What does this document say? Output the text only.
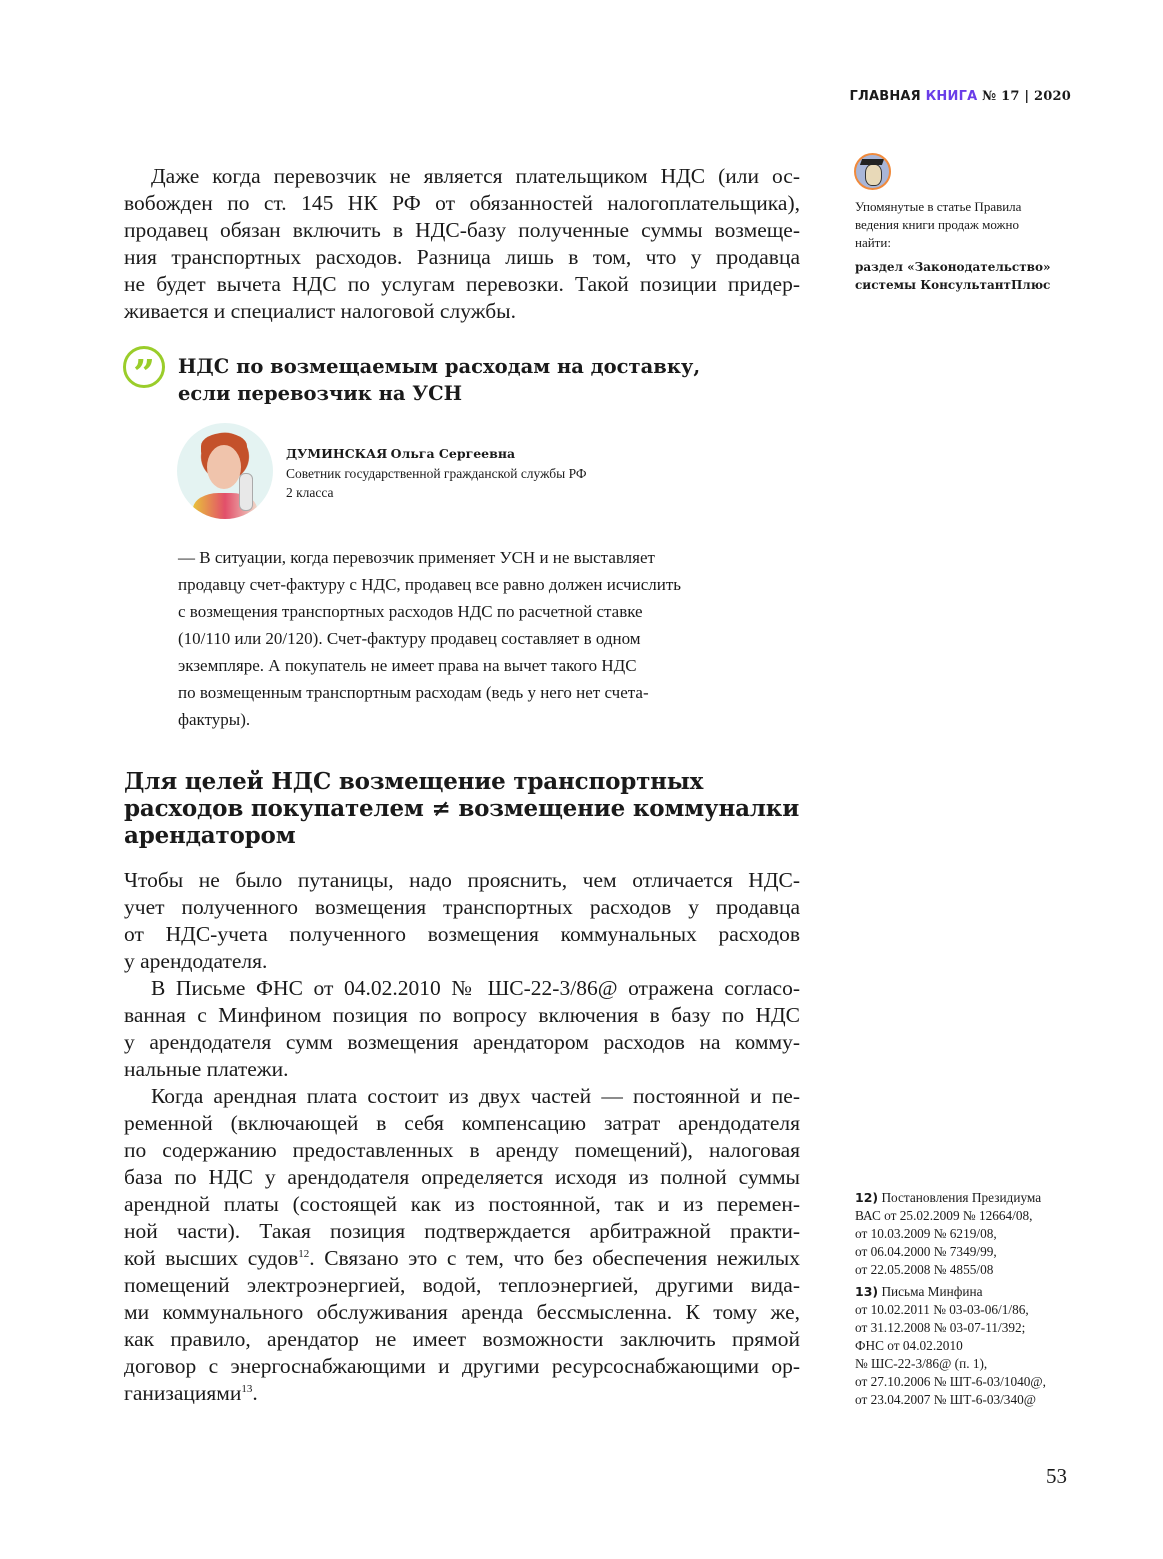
ГЛАВНАЯ КНИГА № 17 | 2020
Даже когда перевозчик не является плательщиком НДС (или ос-
вобожден по ст. 145 НК РФ от обязанностей налогоплательщика),
продавец обязан включить в НДС-базу полученные суммы возмеще-
ния транспортных расходов. Разница лишь в том, что у продавца
не будет вычета НДС по услугам перевозки. Такой позиции придер-
живается и специалист налоговой службы.
” НДС по возмещаемым расходам на доставку,
если перевозчик на УСН
ДУМИНСКАЯ Ольга Сергеевна
Советник государственной гражданской службы РФ
2 класса
— В ситуации, когда перевозчик применяет УСН и не выставляет
продавцу счет-фактуру с НДС, продавец все равно должен исчислить
с возмещения транспортных расходов НДС по расчетной ставке
(10/110 или 20/120). Счет-фактуру продавец составляет в одном
экземпляре. А покупатель не имеет права на вычет такого НДС
по возмещенным транспортным расходам (ведь у него нет счета-
фактуры).
Для целей НДС возмещение транспортных
расходов покупателем ≠ возмещение коммуналки
арендатором
Чтобы не было путаницы, надо прояснить, чем отличается НДС-
учет полученного возмещения транспортных расходов у продавца
от НДС-учета полученного возмещения коммунальных расходов
у арендодателя.
В Письме ФНС от 04.02.2010 № ШС-22-3/86@ отражена согласо-
ванная с Минфином позиция по вопросу включения в базу по НДС
у арендодателя сумм возмещения арендатором расходов на комму-
нальные платежи.
Когда арендная плата состоит из двух частей — постоянной и пе-
ременной (включающей в себя компенсацию затрат арендодателя
по содержанию предоставленных в аренду помещений), налоговая
база по НДС у арендодателя определяется исходя из полной суммы
арендной платы (состоящей как из постоянной, так и из перемен-
ной части). Такая позиция подтверждается арбитражной практи-
кой высших судов$^{12}$. Связано это с тем, что без обеспечения нежилых
помещений электроэнергией, водой, теплоэнергией, другими вида-
ми коммунального обслуживания аренда бессмысленна. К тому же,
как правило, арендатор не имеет возможности заключить прямой
договор с энергоснабжающими и другими ресурсоснабжающими ор-
ганизациями$^{13}$.
Упомянутые в статье Правила
ведения книги продаж можно
найти:
раздел «Законодательство»
системы КонсультантПлюс
12) Постановления Президиума
ВАС от 25.02.2009 № 12664/08,
от 10.03.2009 № 6219/08,
от 06.04.2000 № 7349/99,
от 22.05.2008 № 4855/08
13) Письма Минфина
от 10.02.2011 № 03-03-06/1/86,
от 31.12.2008 № 03-07-11/392;
ФНС от 04.02.2010
№ ШС-22-3/86@ (п. 1),
от 27.10.2006 № ШТ-6-03/1040@,
от 23.04.2007 № ШТ-6-03/340@
53
